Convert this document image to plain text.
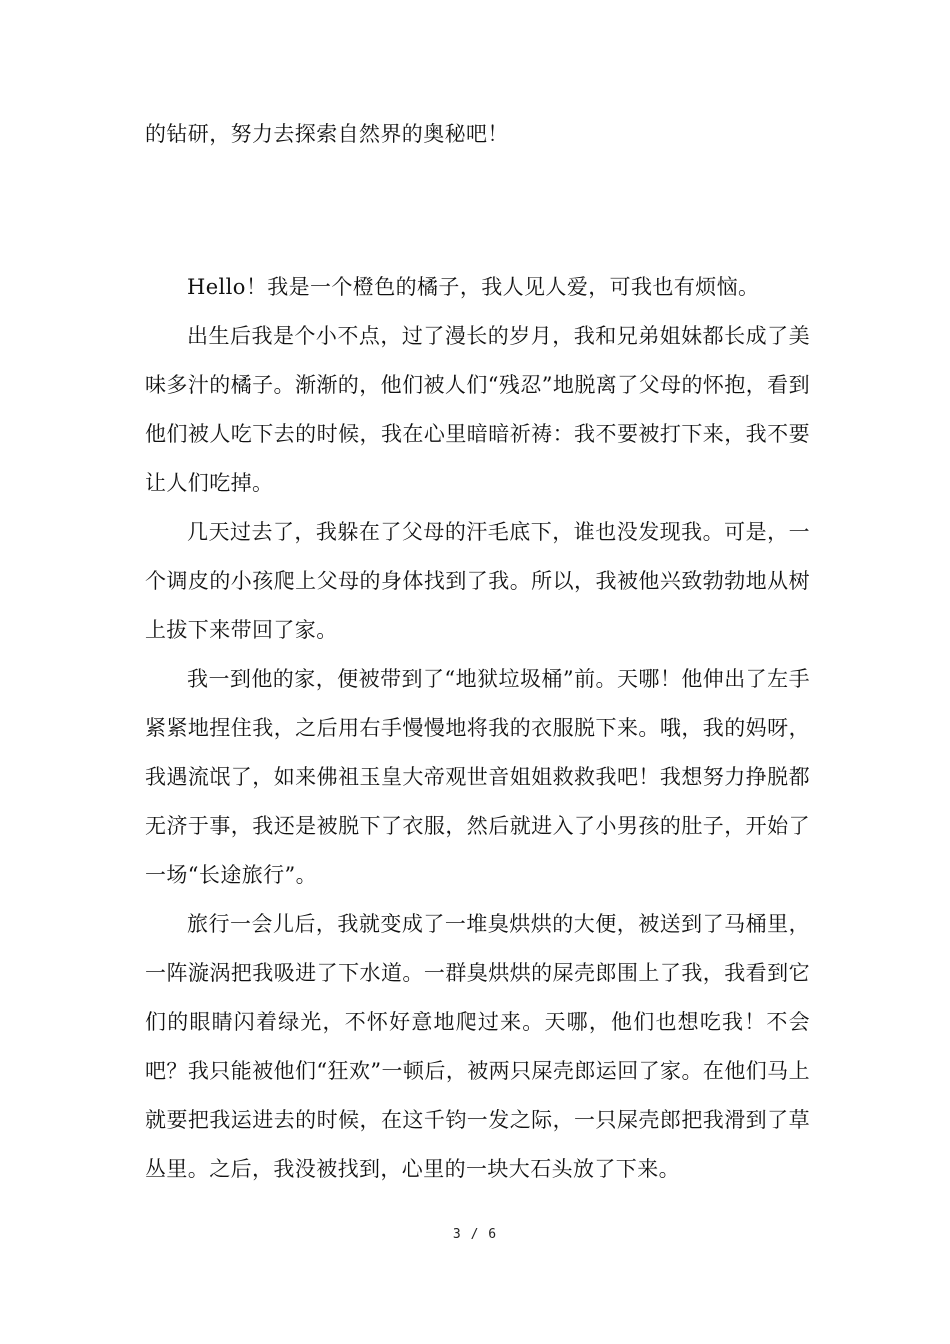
的钻研，努力去探索自然界的奥秘吧！

Hello！我是一个橙色的橘子，我人见人爱，可我也有烦恼。

出生后我是个小不点，过了漫长的岁月，我和兄弟姐妹都长成了美味多汁的橘子。渐渐的，他们被人们“残忍”地脱离了父母的怀抱，看到他们被人吃下去的时候，我在心里暗暗祈祷：我不要被打下来，我不要让人们吃掉。

几天过去了，我躲在了父母的汗毛底下，谁也没发现我。可是，一个调皮的小孩爬上父母的身体找到了我。所以，我被他兴致勃勃地从树上拔下来带回了家。

我一到他的家，便被带到了“地狱垃圾桶”前。天哪！他伸出了左手紧紧地捏住我，之后用右手慢慢地将我的衣服脱下来。哦，我的妈呀，我遇流氓了，如来佛祖玉皇大帝观世音姐姐救救我吧！我想努力挣脱都无济于事，我还是被脱下了衣服，然后就进入了小男孩的肚子，开始了一场“长途旅行”。

旅行一会儿后，我就变成了一堆臭烘烘的大便，被送到了马桶里，一阵漩涡把我吸进了下水道。一群臭烘烘的屎壳郎围上了我，我看到它们的眼睛闪着绿光，不怀好意地爬过来。天哪，他们也想吃我！不会吧？我只能被他们“狂欢”一顿后，被两只屎壳郎运回了家。在他们马上就要把我运进去的时候，在这千钧一发之际，一只屎壳郎把我滑到了草丛里。之后，我没被找到，心里的一块大石头放了下来。

3 / 6
